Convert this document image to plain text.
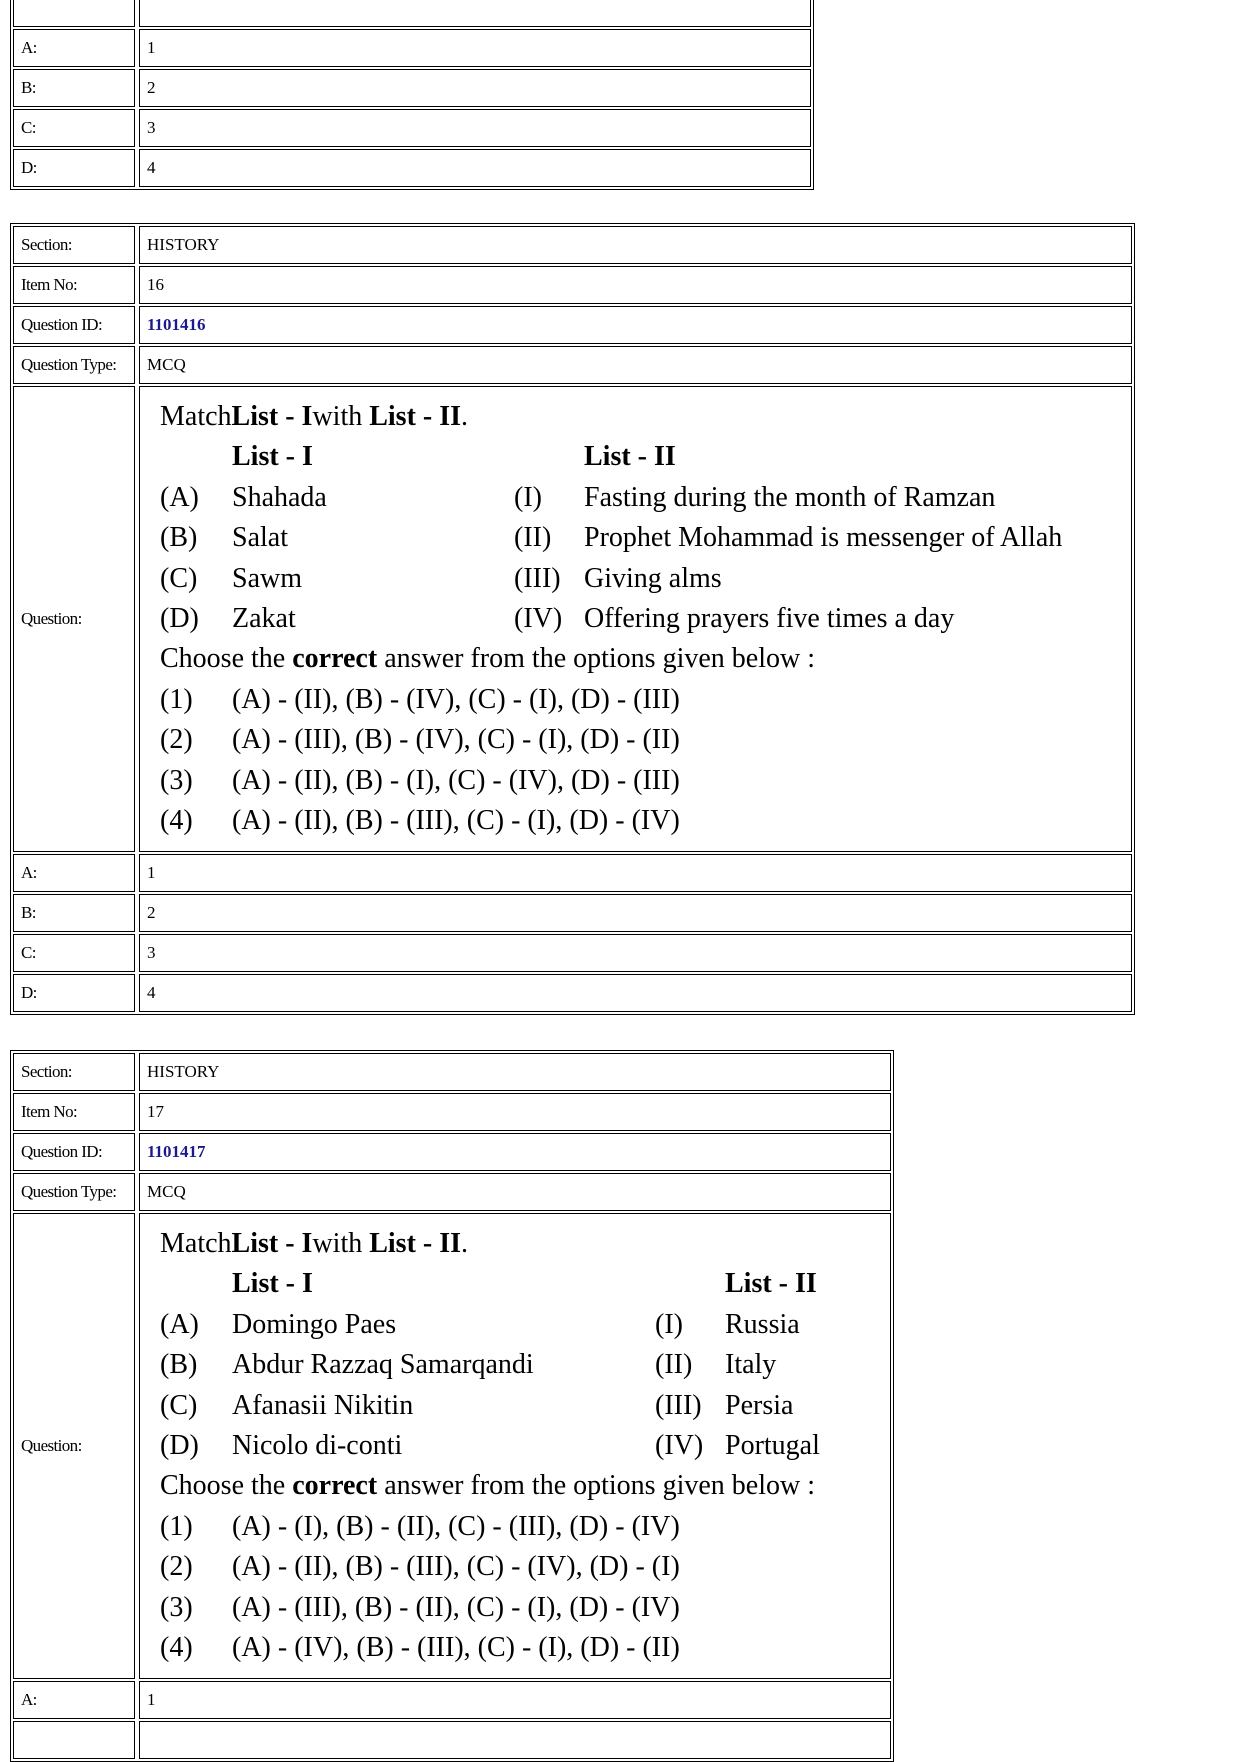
A:	1
B:	2
C:	3
D:	4
Section:	HISTORY
Item No:	16
Question ID:	1101416
Question Type:	MCQ
Question:
Match List - I with
List - II .
List - I	List - II
(A)	Shahada	(I)	Fasting during the month of Ramzan
(B)	Salat	(II)	Prophet Mohammad is messenger of Allah
(C)	Sawm	(III) Giving alms
(D)	Zakat	(IV) Offering prayers five times a day
Choose the
correct
answer from the options given below :
(1)	(A) - (II), (B) - (IV), (C) - (I), (D) - (III)
(2)	(A) - (III), (B) - (IV), (C) - (I), (D) - (II)
(3)	(A) - (II), (B) - (I), (C) - (IV), (D) - (III)
(4)	(A) - (II), (B) - (III), (C) - (I), (D) - (IV)
A:	1
B:	2
C:	3
D:	4
Section:	HISTORY
Item No:	17
Question ID:	1101417
Question Type:	MCQ
Question:
Match List - I with
List - II .
List - I	List - II
(A)	Domingo Paes	(I)	Russia
(B)	Abdur Razzaq Samarqandi	(II)	Italy
(C)	Afanasii Nikitin	(III) Persia
(D)	Nicolo di-conti	(IV) Portugal
Choose the
correct
answer from the options given below :
(1)	(A) - (I), (B) - (II), (C) - (III), (D) - (IV)
(2)	(A) - (II), (B) - (III), (C) - (IV), (D) - (I)
(3)	(A) - (III), (B) - (II), (C) - (I), (D) - (IV)
(4)	(A) - (IV), (B) - (III), (C) - (I), (D) - (II)
A:	1
